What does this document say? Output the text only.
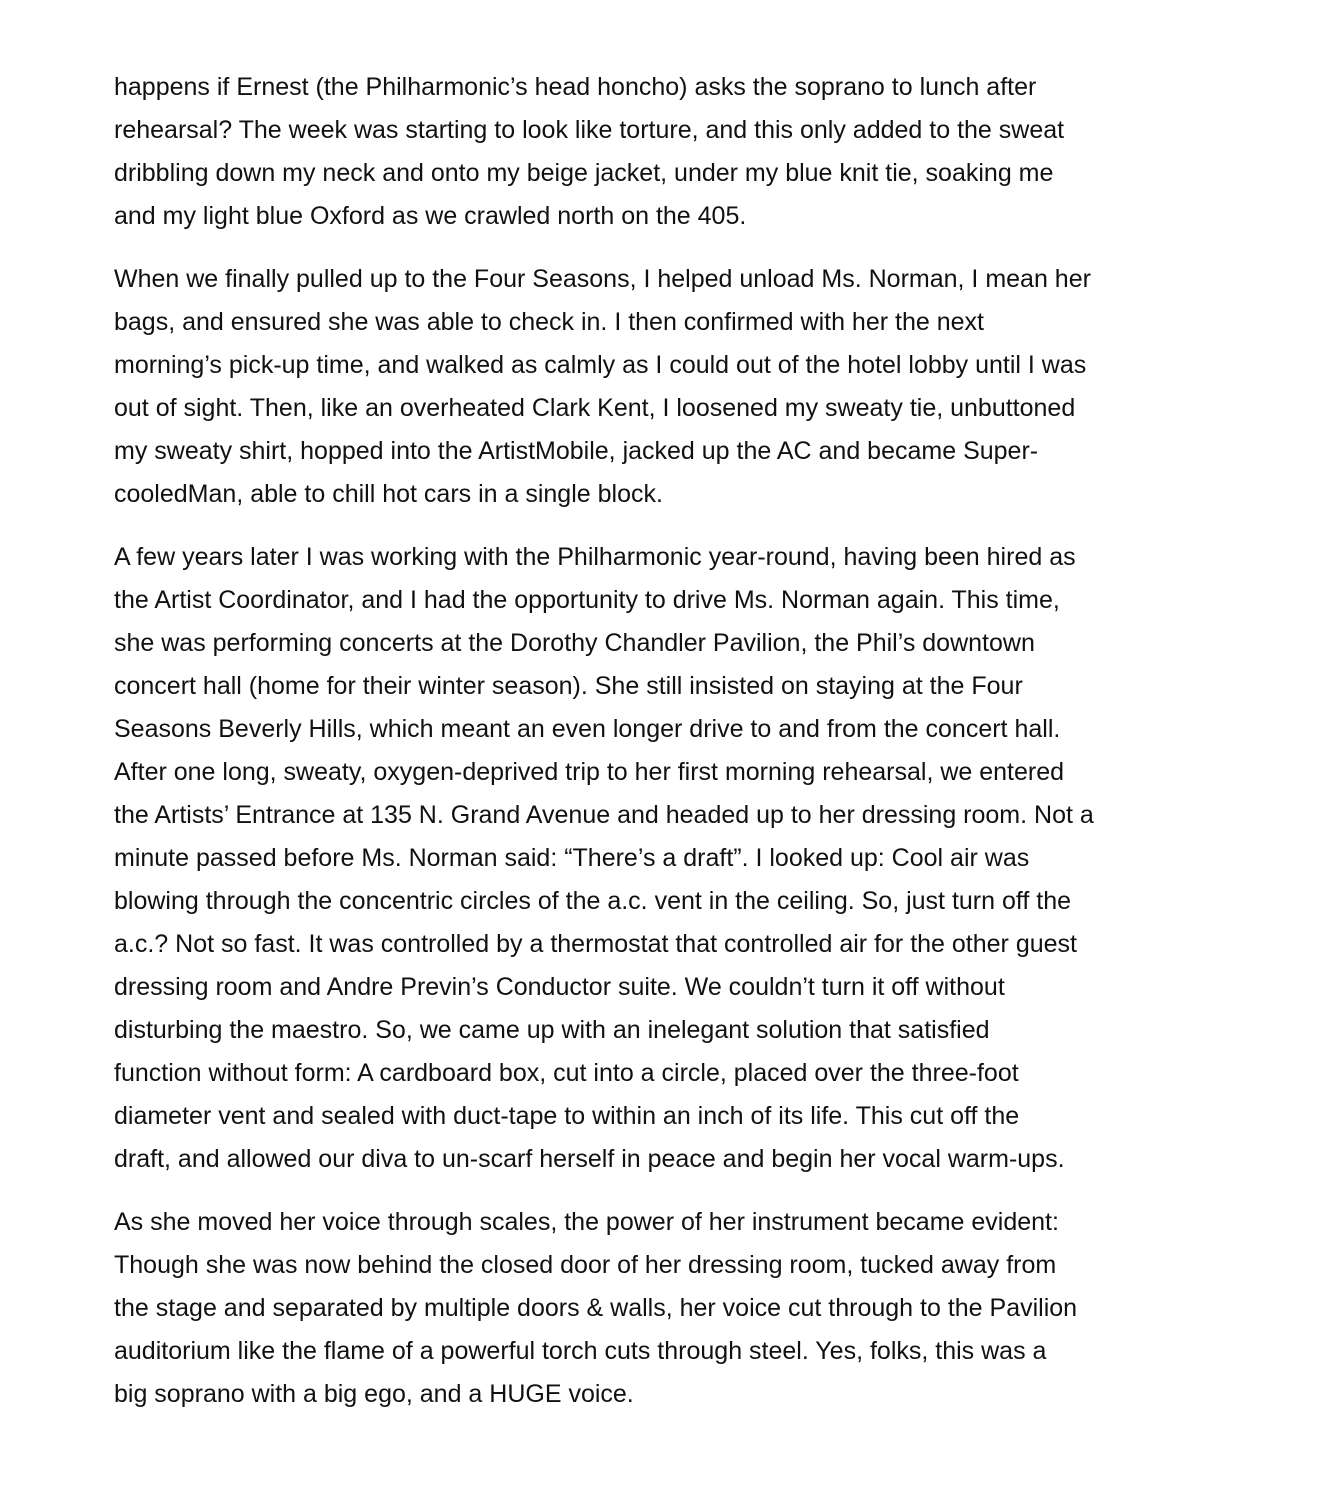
happens if Ernest (the Philharmonic’s head honcho) asks the soprano to lunch after
rehearsal? The week was starting to look like torture, and this only added to the sweat
dribbling down my neck and onto my beige jacket, under my blue knit tie, soaking me
and my light blue Oxford as we crawled north on the 405.

When we finally pulled up to the Four Seasons, I helped unload Ms. Norman, I mean her
bags, and ensured she was able to check in. I then confirmed with her the next
morning’s pick-up time, and walked as calmly as I could out of the hotel lobby until I was
out of sight. Then, like an overheated Clark Kent, I loosened my sweaty tie, unbuttoned
my sweaty shirt, hopped into the ArtistMobile, jacked up the AC and became Super-
cooledMan, able to chill hot cars in a single block.

A few years later I was working with the Philharmonic year-round, having been hired as
the Artist Coordinator, and I had the opportunity to drive Ms. Norman again. This time,
she was performing concerts at the Dorothy Chandler Pavilion, the Phil’s downtown
concert hall (home for their winter season). She still insisted on staying at the Four
Seasons Beverly Hills, which meant an even longer drive to and from the concert hall.
After one long, sweaty, oxygen-deprived trip to her first morning rehearsal, we entered
the Artists’ Entrance at 135 N. Grand Avenue and headed up to her dressing room. Not a
minute passed before Ms. Norman said: “There’s a draft”. I looked up: Cool air was
blowing through the concentric circles of the a.c. vent in the ceiling. So, just turn off the
a.c.? Not so fast. It was controlled by a thermostat that controlled air for the other guest
dressing room and Andre Previn’s Conductor suite. We couldn’t turn it off without
disturbing the maestro. So, we came up with an inelegant solution that satisfied
function without form: A cardboard box, cut into a circle, placed over the three-foot
diameter vent and sealed with duct-tape to within an inch of its life. This cut off the
draft, and allowed our diva to un-scarf herself in peace and begin her vocal warm-ups.

As she moved her voice through scales, the power of her instrument became evident:
Though she was now behind the closed door of her dressing room, tucked away from
the stage and separated by multiple doors & walls, her voice cut through to the Pavilion
auditorium like the flame of a powerful torch cuts through steel. Yes, folks, this was a
big soprano with a big ego, and a HUGE voice.
